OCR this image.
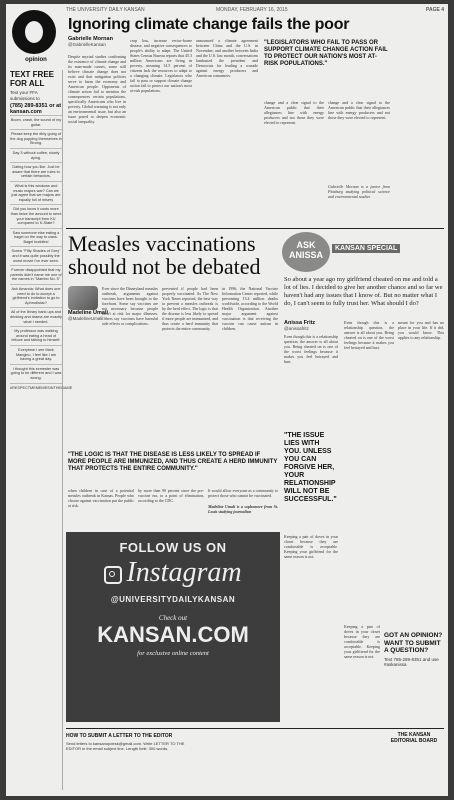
THE UNIVERSITY DAILY KANSAN	MONDAY, FEBRUARY 16, 2015	PAGE 4
opinion
TEXT FREE FOR ALL
Text your FFA submissions to
(785) 289-8351 or at kansan.com
Boom, crash, the sound of my guitar.
Please keep the dirty going of the dog popping themselves in Strong.
Day 3 without coffee, slowly dying.
Dating how you like. Just be aware that there are rules to certain behaviors.
What is this windows and music majors war? Can we just agree that we majors are equally full of misery
Did you know it costs more than twice the amount to send your transcript from KU compared to K-State?
Saw someone else eating a bagel on the way to class. Bagel buddies!
Screw "Fifty Shades of Grey" and it was quite possibly the worst movie I've ever seen.
Forever disappointed that my parents didn't name me one of the names in "Mambo No. 5"
Ask Amanda: What does one need to do to accept a girlfriend's invitation to go to Aphrodisiac?
All of the library bank ups and drinking and drama are exactly what I needed.
My professor was walking around eating a head of lettuce and talking to himself.
Everytime I see Mark Mangino, I feel like I am having a great day.
I thought this semester was going to be different and I was wrong.
#RESPECTMEMEMESINTHEGAME
Ignoring climate change fails the poor
Gabrielle Mornan
@GabrielleKansan
Despite myriad studies confirming the existence of climate change and its man-made causes, some still believe climate change does not exist and that mitigation policies serve to harm the economy and American people. Opponents of climate action fail to mention the consequences certain populations, specifically Americans who live in poverty. Global warming is not only an environmental issue, but also an issue posed to deepen economic social inequality.
crop loss, increase vector-borne disease, and negative consequences to people's ability to adapt. The United States Census Bureau reports that 45.3 million Americans are living in poverty, meaning 14.5 percent of citizens lack the resources to adapt to a changing climate. Legislators who fail to pass or support climate change action fail to protect our nation's most at-risk populations.
announced a climate agreement between China and the U.S. in November, and another between India and the U.S. last month, conversations lambasted the president and Democrats for leading a crusade against energy producers and American consumers.
"LEGISLATORS WHO FAIL TO PASS OR SUPPORT CLIMATE CHANGE ACTION FAIL TO PROTECT OUR NATION'S MOST AT-RISK POPULATIONS."
change and a clear signal to the American public that their allegiances line with energy producers and not those they were elected to represent.
change and a clear signal to the American public that their allegiances line with energy producers and not those they were elected to represent.
Gabrielle Mornan is a junior from Pittsburg studying political science and environmental studies
Measles vaccinations should not be debated
Madeline Umali
@MadelineUmali
Ever since the Disneyland measles outbreak, arguments against vaccines have been brought to the forefront. Some say vaccines are not necessary because people aren't at risk for major illnesses. Others say vaccines have harmful side effects or complications.
prevented if people had been properly vaccinated. As The New York Times reported, the best way to prevent a measles outbreak is by the herd effect. The logic is that the disease is less likely to spread if more people are immunized, and thus create a herd immunity that protects the entire community.
in 1996, the National Vaccine Information Center reported, while preventing 13.4 million deaths worldwide, according to the World Health Organization. Another major argument against vaccination is that receiving the vaccine can cause autism in children.
"THE LOGIC IS THAT THE DISEASE IS LESS LIKELY TO SPREAD IF MORE PEOPLE ARE IMMUNIZED, AND THUS CREATE A HERD IMMUNITY THAT PROTECTS THE ENTIRE COMMUNITY."
when children in case of a potential measles outbreak in Kansas. People who choose against vaccination put the public at risk.
by more than 90 percent since the pre-vaccine era, to a point of elimination, according to the CDC.
It would allow everyone as a community to protect those who cannot be vaccinated.
Madeline Umali is a sophomore from St. Louis studying journalism
ASK
ANISSA
KANSAN SPECIAL
So about a year ago my girlfriend cheated on me and told a lot of lies. I decided to give her another chance and so far we haven't had any issues that I know of. But no matter what I do, I can't seem to fully trust her. What should I do?
Anissa Fritz
@anissafritz
Even though this is a relationship question, the answer is all about you. Being cheated on is one of the worst feelings because it makes you feel betrayed and hurt.
"THE ISSUE LIES WITH YOU. UNLESS YOU CAN FORGIVE HER, YOUR RELATIONSHIP WILL NOT BE SUCCESSFUL."
Even though this is a relationship question, the answer is all about you. Being cheated on is one of the worst feelings because it makes you feel betrayed and hurt.
meant for you and has no place in your life. If it did, you would know. This applies to any relationship.
Keeping a pair of doves in your closet because they are comfortable is acceptable. Keeping your girlfriend for the same reason is not.
Keeping a pair of doves in your closet because they are comfortable is acceptable. Keeping your girlfriend for the same reason is not.
FOLLOW US ON
Instagram
@UNIVERSITYDAILYKANSAN
Check out
KANSAN.COM
for exclusive online content
GOT AN OPINION? WANT TO SUBMIT A QUESTION?
Text 785-289-8351 and use #askanissa
HOW TO SUBMIT A LETTER TO THE EDITOR
Send letters to kansanopdesk@gmail.com. Write LETTER TO THE EDITOR in the email subject line. Length limit: 300 words.
THE KANSAN EDITORIAL BOARD
